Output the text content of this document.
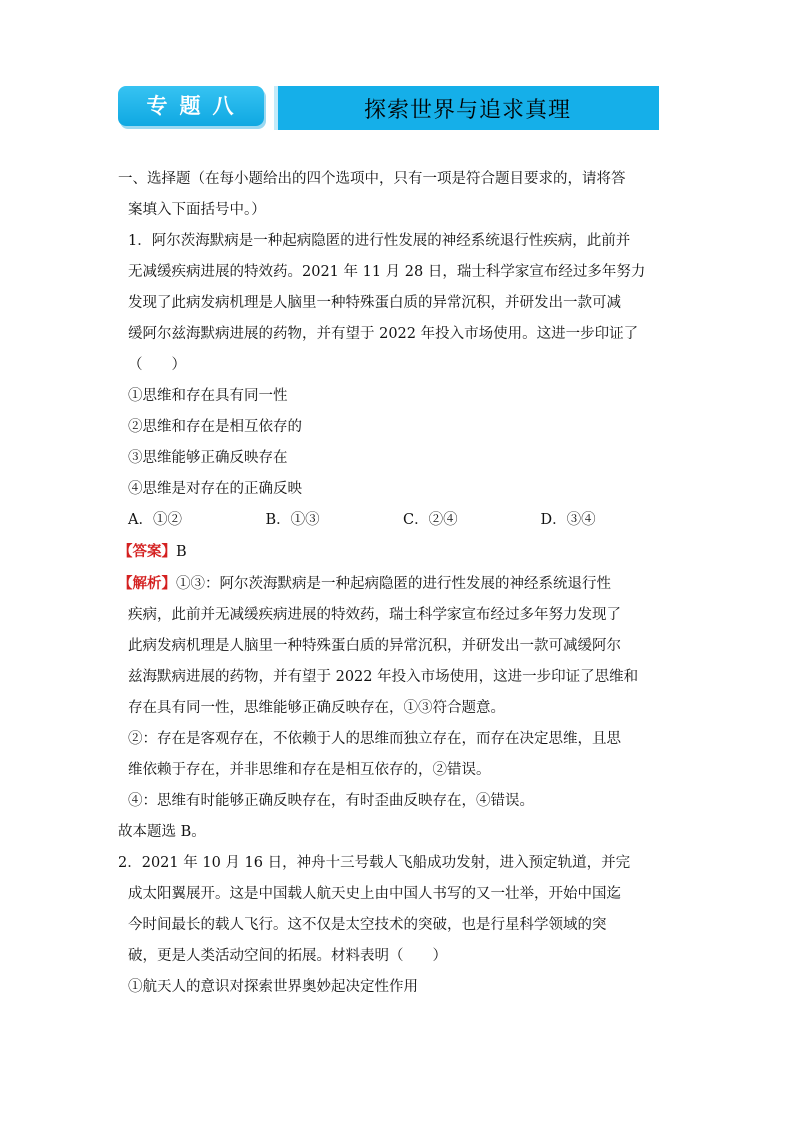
专题八	探索世界与追求真理
一、选择题（在每小题给出的四个选项中，只有一项是符合题目要求的，请将答
案填入下面括号中。）
1．阿尔茨海默病是一种起病隐匿的进行性发展的神经系统退行性疾病，此前并
无减缓疾病进展的特效药。2021 年 11 月 28 日，瑞士科学家宣布经过多年努力
发现了此病发病机理是人脑里一种特殊蛋白质的异常沉积，并研发出一款可减
缓阿尔兹海默病进展的药物，并有望于 2022 年投入市场使用。这进一步印证了
（　　）
①思维和存在具有同一性
②思维和存在是相互依存的
③思维能够正确反映存在
④思维是对存在的正确反映
A．①②	B．①③	C．②④	D．③④
【答案】B
【解析】①③：阿尔茨海默病是一种起病隐匿的进行性发展的神经系统退行性
疾病，此前并无减缓疾病进展的特效药，瑞士科学家宣布经过多年努力发现了
此病发病机理是人脑里一种特殊蛋白质的异常沉积，并研发出一款可减缓阿尔
兹海默病进展的药物，并有望于 2022 年投入市场使用，这进一步印证了思维和
存在具有同一性，思维能够正确反映存在，①③符合题意。
②：存在是客观存在，不依赖于人的思维而独立存在，而存在决定思维，且思
维依赖于存在，并非思维和存在是相互依存的，②错误。
④：思维有时能够正确反映存在，有时歪曲反映存在，④错误。
故本题选 B。
2．2021 年 10 月 16 日，神舟十三号载人飞船成功发射，进入预定轨道，并完
成太阳翼展开。这是中国载人航天史上由中国人书写的又一壮举，开始中国迄
今时间最长的载人飞行。这不仅是太空技术的突破，也是行星科学领域的突
破，更是人类活动空间的拓展。材料表明（　　）
①航天人的意识对探索世界奥妙起决定性作用
